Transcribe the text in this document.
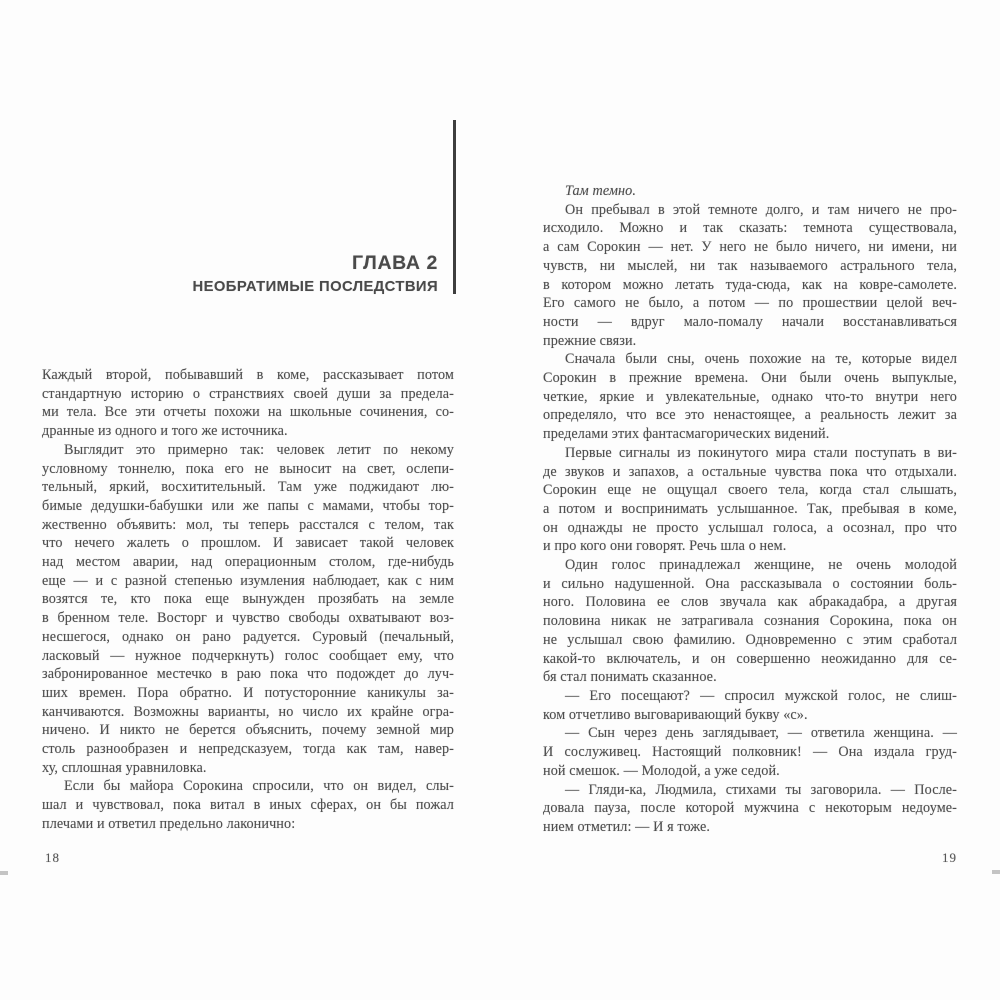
ГЛАВА 2
НЕОБРАТИМЫЕ ПОСЛЕДСТВИЯ
Каждый второй, побывавший в коме, рассказывает потом
стандартную историю о странствиях своей души за предела-
ми тела. Все эти отчеты похожи на школьные сочинения, со-
дранные из одного и того же источника.
Выглядит это примерно так: человек летит по некому
условному тоннелю, пока его не выносит на свет, ослепи-
тельный, яркий, восхитительный. Там уже поджидают лю-
бимые дедушки-бабушки или же папы с мамами, чтобы тор-
жественно объявить: мол, ты теперь расстался с телом, так
что нечего жалеть о прошлом. И зависает такой человек
над местом аварии, над операционным столом, где-нибудь
еще — и с разной степенью изумления наблюдает, как с ним
возятся те, кто пока еще вынужден прозябать на земле
в бренном теле. Восторг и чувство свободы охватывают воз-
несшегося, однако он рано радуется. Суровый (печальный,
ласковый — нужное подчеркнуть) голос сообщает ему, что
забронированное местечко в раю пока что подождет до луч-
ших времен. Пора обратно. И потусторонние каникулы за-
канчиваются. Возможны варианты, но число их крайне огра-
ничено. И никто не берется объяснить, почему земной мир
столь разнообразен и непредсказуем, тогда как там, навер-
ху, сплошная уравниловка.
Если бы майора Сорокина спросили, что он видел, слы-
шал и чувствовал, пока витал в иных сферах, он бы пожал
плечами и ответил предельно лаконично:
18
Там темно.
Он пребывал в этой темноте долго, и там ничего не про-
исходило. Можно и так сказать: темнота существовала,
а сам Сорокин — нет. У него не было ничего, ни имени, ни
чувств, ни мыслей, ни так называемого астрального тела,
в котором можно летать туда-сюда, как на ковре-самолете.
Его самого не было, а потом — по прошествии целой веч-
ности — вдруг мало-помалу начали восстанавливаться
прежние связи.
Сначала были сны, очень похожие на те, которые видел
Сорокин в прежние времена. Они были очень выпуклые,
четкие, яркие и увлекательные, однако что-то внутри него
определяло, что все это ненастоящее, а реальность лежит за
пределами этих фантасмагорических видений.
Первые сигналы из покинутого мира стали поступать в ви-
де звуков и запахов, а остальные чувства пока что отдыхали.
Сорокин еще не ощущал своего тела, когда стал слышать,
а потом и воспринимать услышанное. Так, пребывая в коме,
он однажды не просто услышал голоса, а осознал, про что
и про кого они говорят. Речь шла о нем.
Один голос принадлежал женщине, не очень молодой
и сильно надушенной. Она рассказывала о состоянии боль-
ного. Половина ее слов звучала как абракадабра, а другая
половина никак не затрагивала сознания Сорокина, пока он
не услышал свою фамилию. Одновременно с этим сработал
какой-то включатель, и он совершенно неожиданно для се-
бя стал понимать сказанное.
— Его посещают? — спросил мужской голос, не слиш-
ком отчетливо выговаривающий букву «с».
— Сын через день заглядывает, — ответила женщина. —
И сослуживец. Настоящий полковник! — Она издала груд-
ной смешок. — Молодой, а уже седой.
— Гляди-ка, Людмила, стихами ты заговорила. — После-
довала пауза, после которой мужчина с некоторым недоуме-
нием отметил: — И я тоже.
19
